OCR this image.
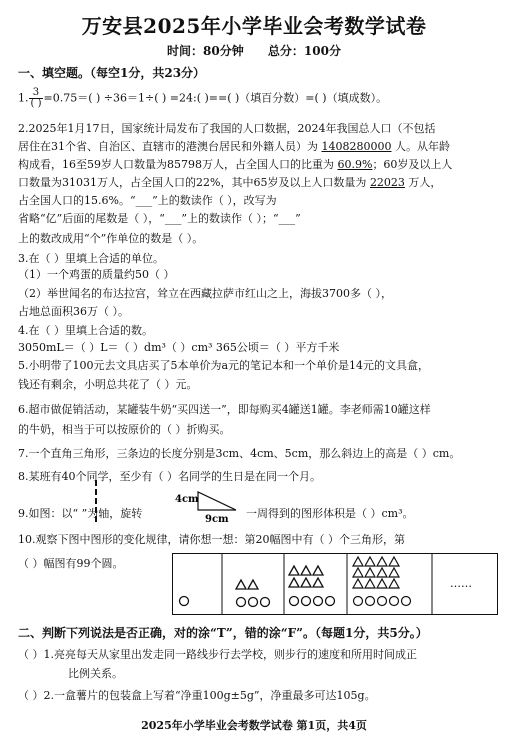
万安县2025年小学毕业会考数学试卷
时间：80分钟 总分：100分
一、填空题。（每空1分，共23分）
1. $\frac{3}{( )} =0.75=$( ) ÷36＝1÷( ) =24:( )==( )（填百分数）=( )（填成数）。
2.2025年1月17日，国家统计局发布了我国的人口数据，2024年我国总人口（不包括
居住在31个省、自治区、直辖市的港澳台居民和外籍人员）为 1408280000 人。从年龄
构成看，16至59岁人口数量为85798万人，占全国人口的比重为 60.9%；60岁及以上人
口数量为31031万人，占全国人口的22%，其中65岁及以上人口数量为 22023 万人，
占全国人口的15.6%。“___”上的数读作（ ），改写为
省略“亿”后面的尾数是（ ），“___”上的数读作（ ）；“___”
上的数改成用“个”作单位的数是（ ）。
3.在（ ）里填上合适的单位。
（1）一个鸡蛋的质量约50（ ）
（2）举世闻名的布达拉宫，耸立在西藏拉萨市红山之上，海拔3700多（ ），
占地总面积36万（ ）。
4.在（ ）里填上合适的数。
3050mL＝（ ）L＝（ ）dm³（ ）cm³ 365公顷＝（ ）平方千米
5.小明带了100元去文具店买了5本单价为a元的笔记本和一个单价是14元的文具盒，
钱还有剩余，小明总共花了（ ）元。
6.超市做促销活动，某罐装牛奶“买四送一”，即每购买4罐送1罐。李老师需10罐这样
的牛奶，相当于可以按原价的（ ）折购买。
7.一个直角三角形，三条边的长度分别是3cm、4cm、5cm，那么斜边上的高是（ ）cm。
8.某班有40个同学，至少有（ ）名同学的生日是在同一个月。
9.如图：以“ ”为轴，旋转	一周得到的图形体积是（ ）cm³。
4cm
9cm
10.观察下图中图形的变化规律，请你想一想：第20幅图中有（ ）个三角形，第
（ ）幅图有99个圆。
……
二、判断下列说法是否正确，对的涂“T”，错的涂“F”。（每题1分，共5分。）
（ ）1.亮亮每天从家里出发走同一路线步行去学校，则步行的速度和所用时间成正
比例关系。
（ ）2.一盒薯片的包装盒上写着“净重100g±5g”，净重最多可达105g。
2025年小学毕业会考数学试卷 第1页，共4页
